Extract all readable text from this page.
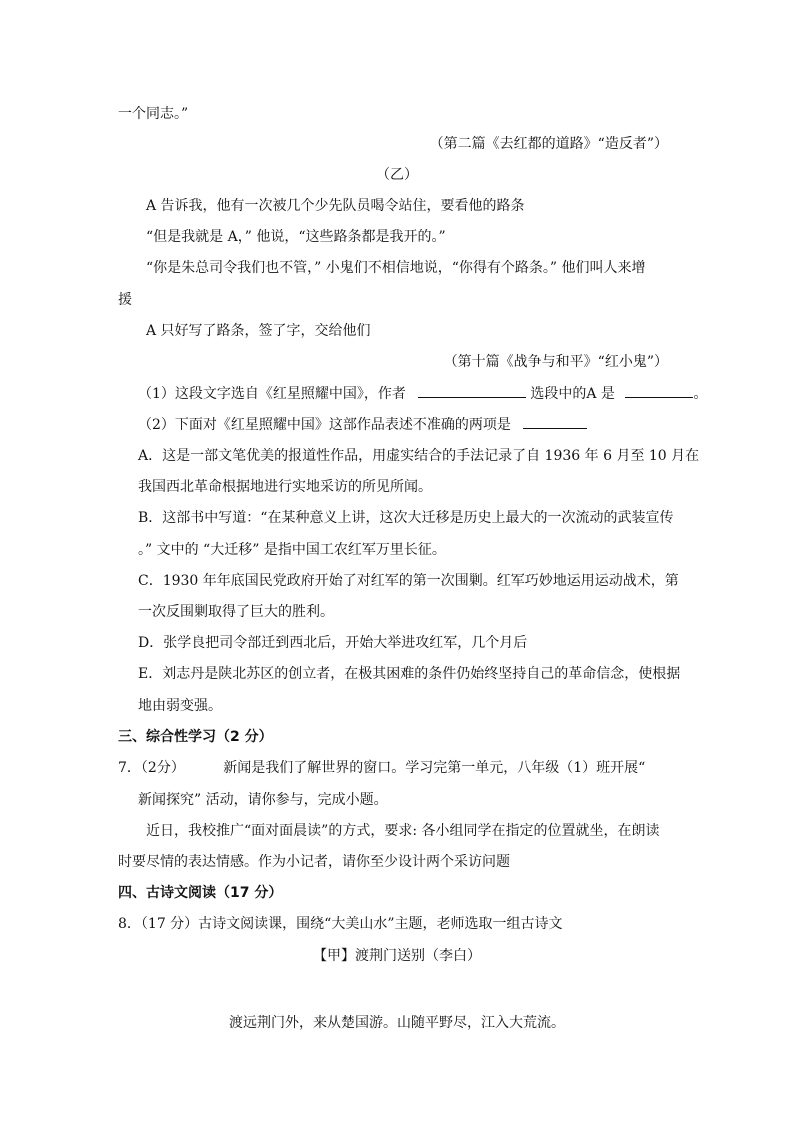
一个同志。”
（第二篇《去红都的道路》“造反者”）
（乙）
A 告诉我，他有一次被几个少先队员喝令站住，要看他的路条
“但是我就是 A，” 他说，“这些路条都是我开的。”
“你是朱总司令我们也不管，” 小鬼们不相信地说，“你得有个路条。” 他们叫人来增
援
A 只好写了路条，签了字，交给他们
（第十篇《战争与和平》“红小鬼”）
（1）这段文字选自《红星照耀中国》，作者	选段中的A 是	。
（2）下面对《红星照耀中国》这部作品表述不准确的两项是
A．这是一部文笔优美的报道性作品，用虚实结合的手法记录了自 1936 年 6 月至 10 月在
我国西北革命根据地进行实地采访的所见所闻。
B．这部书中写道：“在某种意义上讲，这次大迁移是历史上最大的一次流动的武装宣传
。” 文中的 “大迁移” 是指中国工农红军万里长征。
C．1930 年年底国民党政府开始了对红军的第一次围剿。红军巧妙地运用运动战术，第
一次反围剿取得了巨大的胜利。
D．张学良把司令部迁到西北后，开始大举进攻红军，几个月后
E．刘志丹是陕北苏区的创立者，在极其困难的条件仍始终坚持自己的革命信念，使根据
地由弱变强。
三、综合性学习（2 分）
7．（2分）	新闻是我们了解世界的窗口。学习完第一单元，八年级（1）班开展“
新闻探究” 活动，请你参与，完成小题。
近日，我校推广“面对面晨读”的方式，要求: 各小组同学在指定的位置就坐，在朗读
时要尽情的表达情感。作为小记者，请你至少设计两个采访问题
四、古诗文阅读（17 分）
8．（17 分）古诗文阅读课，围绕“大美山水”主题，老师选取一组古诗文
【甲】渡荆门送别（李白）
渡远荆门外，来从楚国游。山随平野尽，江入大荒流。
